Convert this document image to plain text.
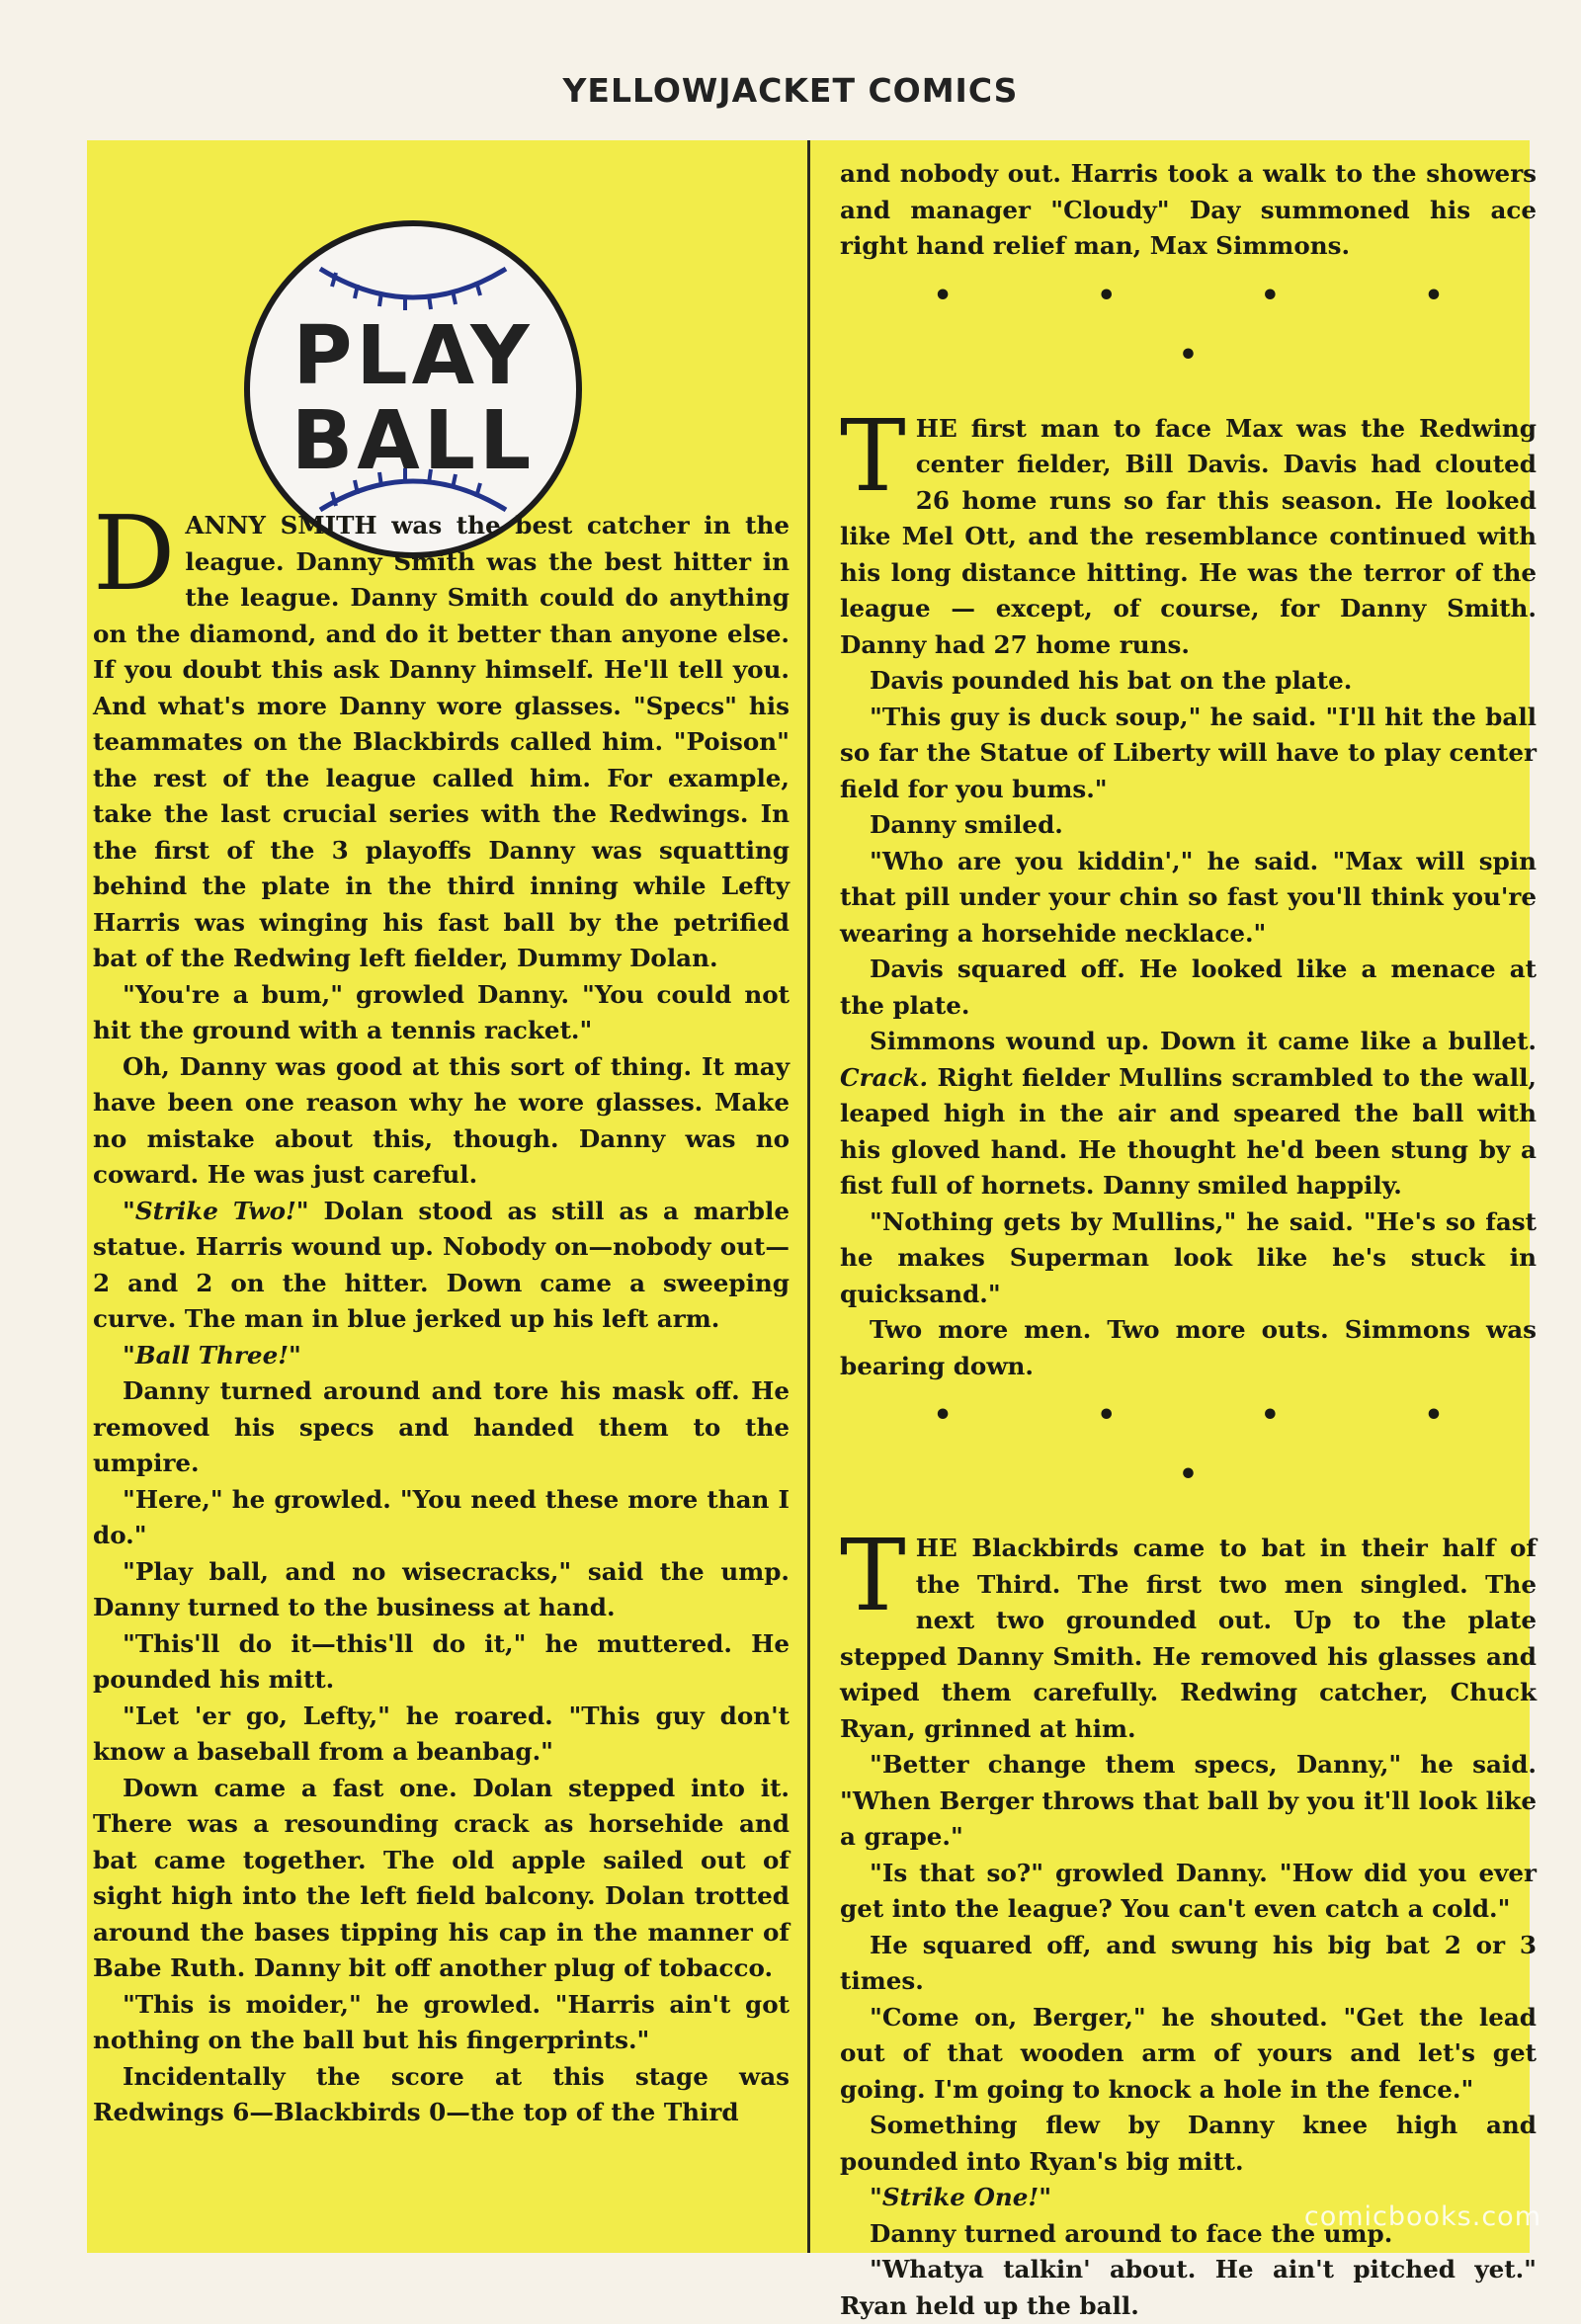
YELLOWJACKET COMICS
PLAY
BALL

DANNY SMITH was the best catcher in the league. Danny Smith was the best hitter in the league. Danny Smith could do anything on the diamond, and do it better than anyone else. If you doubt this ask Danny himself. He'll tell you. And what's more Danny wore glasses. "Specs" his teammates on the Blackbirds called him. "Poison" the rest of the league called him. For example, take the last crucial series with the Redwings. In the first of the 3 playoffs Danny was squatting behind the plate in the third inning while Lefty Harris was winging his fast ball by the petrified bat of the Redwing left fielder, Dummy Dolan.

"You're a bum," growled Danny. "You could not hit the ground with a tennis racket."

Oh, Danny was good at this sort of thing. It may have been one reason why he wore glasses. Make no mistake about this, though. Danny was no coward. He was just careful.

"Strike Two!" Dolan stood as still as a marble statue. Harris wound up. Nobody on—nobody out—2 and 2 on the hitter. Down came a sweeping curve. The man in blue jerked up his left arm.

"Ball Three!"

Danny turned around and tore his mask off. He removed his specs and handed them to the umpire.

"Here," he growled. "You need these more than I do."

"Play ball, and no wisecracks," said the ump. Danny turned to the business at hand.

"This'll do it—this'll do it," he muttered. He pounded his mitt.

"Let 'er go, Lefty," he roared. "This guy don't know a baseball from a beanbag."

Down came a fast one. Dolan stepped into it. There was a resounding crack as horsehide and bat came together. The old apple sailed out of sight high into the left field balcony. Dolan trotted around the bases tipping his cap in the manner of Babe Ruth. Danny bit off another plug of tobacco.

"This is moider," he growled. "Harris ain't got nothing on the ball but his fingerprints."

Incidentally the score at this stage was Redwings 6—Blackbirds 0—the top of the Third

and nobody out. Harris took a walk to the showers and manager "Cloudy" Day summoned his ace right hand relief man, Max Simmons.

• • • • •

THE first man to face Max was the Redwing center fielder, Bill Davis. Davis had clouted 26 home runs so far this season. He looked like Mel Ott, and the resemblance continued with his long distance hitting. He was the terror of the league — except, of course, for Danny Smith. Danny had 27 home runs.

Davis pounded his bat on the plate.

"This guy is duck soup," he said. "I'll hit the ball so far the Statue of Liberty will have to play center field for you bums."

Danny smiled.

"Who are you kiddin'," he said. "Max will spin that pill under your chin so fast you'll think you're wearing a horsehide necklace."

Davis squared off. He looked like a menace at the plate.

Simmons wound up. Down it came like a bullet. Crack. Right fielder Mullins scrambled to the wall, leaped high in the air and speared the ball with his gloved hand. He thought he'd been stung by a fist full of hornets. Danny smiled happily.

"Nothing gets by Mullins," he said. "He's so fast he makes Superman look like he's stuck in quicksand."

Two more men. Two more outs. Simmons was bearing down.

• • • • •

THE Blackbirds came to bat in their half of the Third. The first two men singled. The next two grounded out. Up to the plate stepped Danny Smith. He removed his glasses and wiped them carefully. Redwing catcher, Chuck Ryan, grinned at him.

"Better change them specs, Danny," he said. "When Berger throws that ball by you it'll look like a grape."

"Is that so?" growled Danny. "How did you ever get into the league? You can't even catch a cold."

He squared off, and swung his big bat 2 or 3 times.

"Come on, Berger," he shouted. "Get the lead out of that wooden arm of yours and let's get going. I'm going to knock a hole in the fence."

Something flew by Danny knee high and pounded into Ryan's big mitt.

"Strike One!"

Danny turned around to face the ump.

"Whatya talkin' about. He ain't pitched yet." Ryan held up the ball.

comicbooks.com
